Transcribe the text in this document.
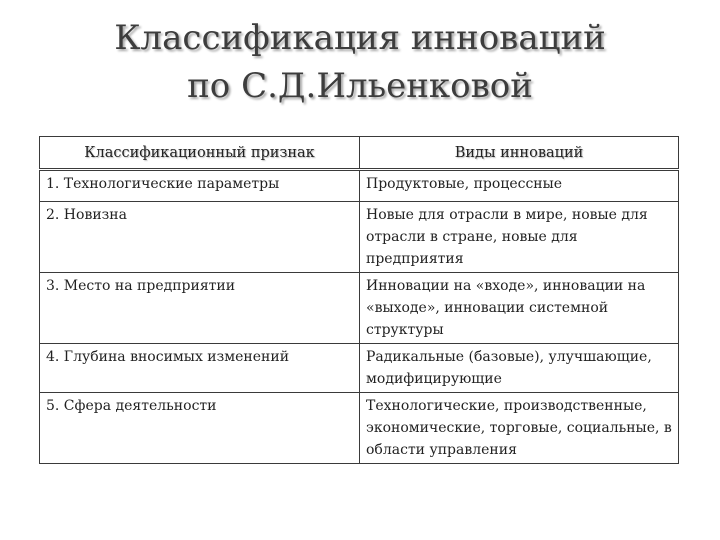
Классификация инноваций
по С.Д.Ильенковой
Классификационный признак	Виды инноваций
1. Технологические параметры	Продуктовые, процессные
2. Новизна	Новые для отрасли в мире, новые для отрасли в стране, новые для предприятия
3. Место на предприятии	Инновации на «входе», инновации на «выходе», инновации системной структуры
4. Глубина вносимых изменений	Радикальные (базовые), улучшающие, модифицирующие
5. Сфера деятельности	Технологические, производственные, экономические, торговые, социальные, в области управления
